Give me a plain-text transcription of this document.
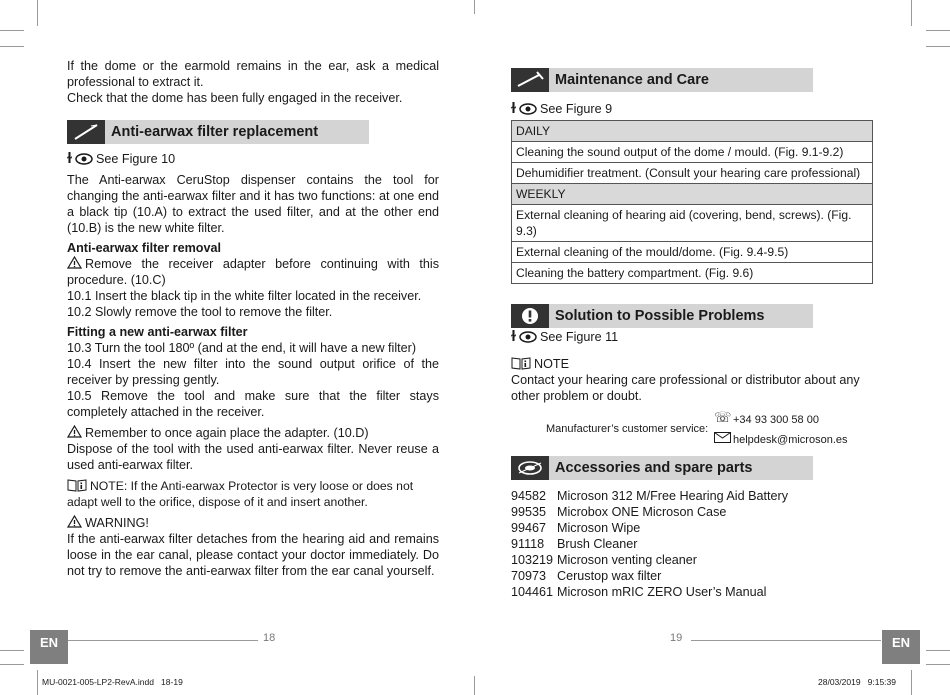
If the dome or the earmold remains in the ear, ask a medical professional to extract it.

Check that the dome has been fully engaged in the receiver.

Anti-earwax filter replacement
ɫ See Figure 10

The Anti-earwax CeruStop dispenser contains the tool for changing the anti-earwax filter and it has two functions: at one end a black tip (10.A) to extract the used filter, and at the other end (10.B) is the new white filter.

Anti-earwax filter removal

Remove the receiver adapter before continuing with this procedure. (10.C)

10.1 Insert the black tip in the white filter located in the receiver.

10.2 Slowly remove the tool to remove the filter.

Fitting a new anti-earwax filter

10.3 Turn the tool 180º (and at the end, it will have a new filter)

10.4 Insert the new filter into the sound output orifice of the receiver by pressing gently.

10.5 Remove the tool and make sure that the filter stays completely attached in the receiver.

Remember to once again place the adapter. (10.D)

Dispose of the tool with the used anti-earwax filter. Never reuse a used anti-earwax filter.

NOTE: If the Anti-earwax Protector is very loose or does not adapt well to the orifice, dispose of it and insert another.

WARNING!

If the anti-earwax filter detaches from the hearing aid and remains loose in the ear canal, please contact your doctor immediately. Do not try to remove the anti-earwax filter from the ear canal yourself.

Maintenance and Care
ɫ See Figure 9
DAILY
Cleaning the sound output of the dome / mould. (Fig. 9.1-9.2)
Dehumidifier treatment. (Consult your hearing care professional)
WEEKLY
External cleaning of hearing aid (covering, bend, screws). (Fig. 9.3)
External cleaning of the mould/dome. (Fig. 9.4-9.5)
Cleaning the battery compartment. (Fig. 9.6)
Solution to Possible Problems
ɫ See Figure 11

NOTE

Contact your hearing care professional or distributor about any other problem or doubt.

Manufacturer’s customer service:
☏ +34 93 300 58 00
helpdesk@microson.es
Accessories and spare parts
94582 Microson 312 M/Free Hearing Aid Battery
99535 Microbox ONE Microson Case
99467 Microson Wipe
91118	Brush Cleaner
103219 Microson venting cleaner
70973 Cerustop wax filter
104461 Microson mRIC ZERO User’s Manual
EN	18	19	EN
MU-0021-005-LP2-RevA.indd   18-19	28/03/2019   9:15:39
